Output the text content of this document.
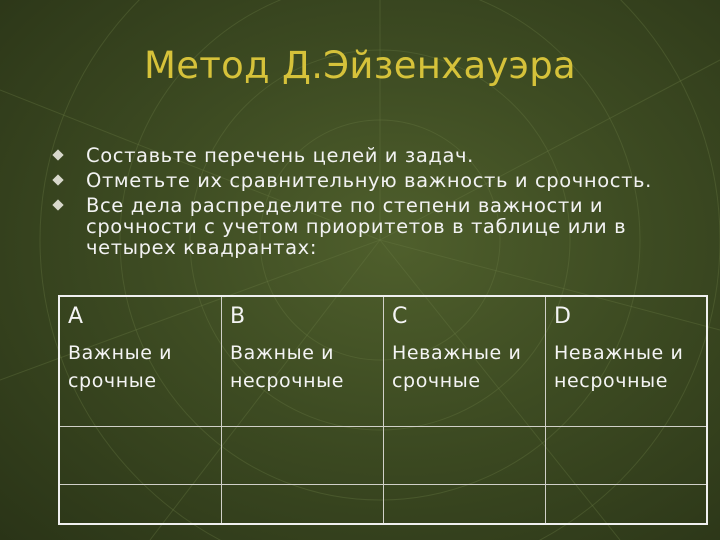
Метод Д.Эйзенхауэра
Составьте перечень целей и задач.
Отметьте их сравнительную важность и срочность.
Все дела распределите по степени важности и срочности с учетом приоритетов в таблице или в четырех квадрантах:
A
Важные и срочные
B
Важные и несрочные
C
Неважные и срочные
D
Неважные и несрочные
